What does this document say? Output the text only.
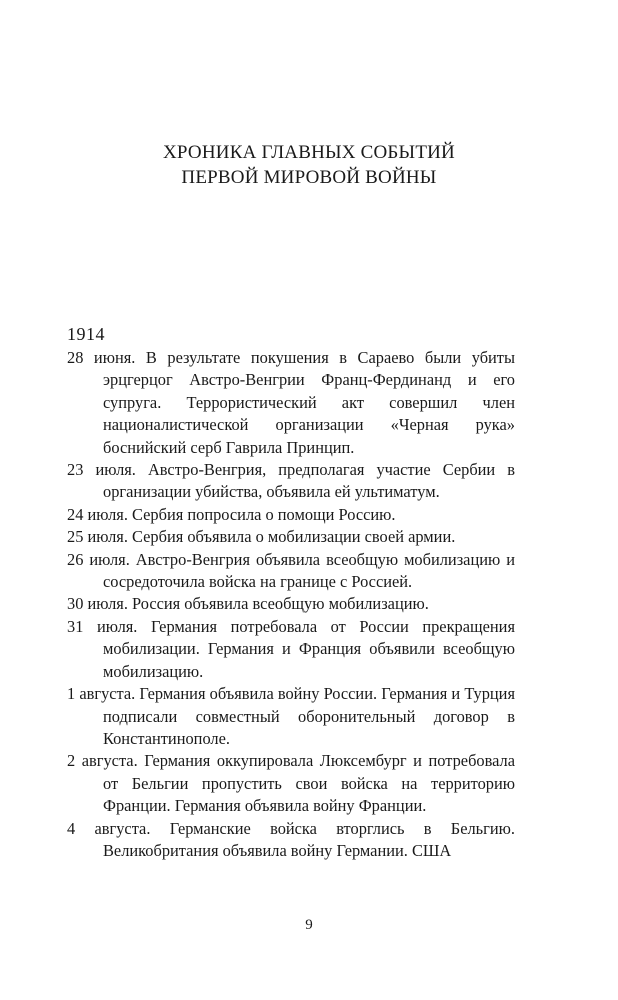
ХРОНИКА ГЛАВНЫХ СОБЫТИЙ
ПЕРВОЙ МИРОВОЙ ВОЙНЫ
1914

28 июня. В результате покушения в Сараево были убиты эрцгерцог Австро-Венгрии Франц-Фердинанд и его супруга. Террористический акт совершил член националистической организации «Черная рука» боснийский серб Гаврила Принцип.

23 июля. Австро-Венгрия, предполагая участие Сербии в организации убийства, объявила ей ультиматум.

24 июля. Сербия попросила о помощи Россию.

25 июля. Сербия объявила о мобилизации своей армии.

26 июля. Австро-Венгрия объявила всеобщую мобилизацию и сосредоточила войска на границе с Россией.

30 июля. Россия объявила всеобщую мобилизацию.

31 июля. Германия потребовала от России прекращения мобилизации. Германия и Франция объявили всеобщую мобилизацию.

1 августа. Германия объявила войну России. Германия и Турция подписали совместный оборонительный договор в Константинополе.

2 августа. Германия оккупировала Люксембург и потребовала от Бельгии пропустить свои войска на территорию Франции. Германия объявила войну Франции.

4 августа. Германские войска вторглись в Бельгию. Великобритания объявила войну Германии. США

9
